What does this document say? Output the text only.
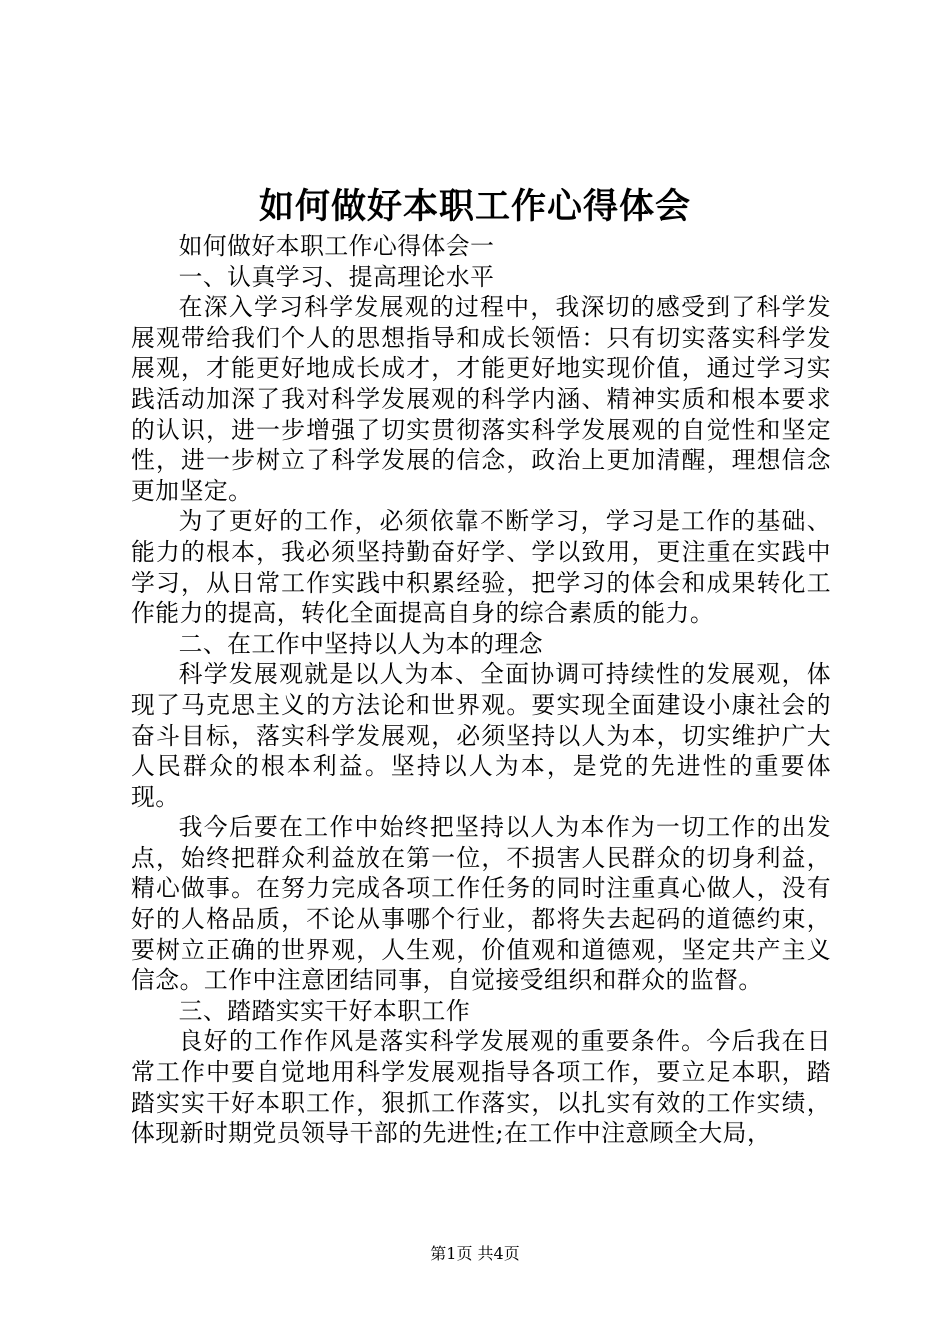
如何做好本职工作心得体会

如何做好本职工作心得体会一

一、认真学习、提高理论水平

在深入学习科学发展观的过程中，我深切的感受到了科学发展观带给我们个人的思想指导和成长领悟：只有切实落实科学发展观，才能更好地成长成才，才能更好地实现价值，通过学习实践活动加深了我对科学发展观的科学内涵、精神实质和根本要求的认识，进一步增强了切实贯彻落实科学发展观的自觉性和坚定性，进一步树立了科学发展的信念，政治上更加清醒，理想信念更加坚定。

为了更好的工作，必须依靠不断学习，学习是工作的基础、能力的根本，我必须坚持勤奋好学、学以致用，更注重在实践中学习，从日常工作实践中积累经验，把学习的体会和成果转化工作能力的提高，转化全面提高自身的综合素质的能力。

二、在工作中坚持以人为本的理念

科学发展观就是以人为本、全面协调可持续性的发展观，体现了马克思主义的方法论和世界观。要实现全面建设小康社会的奋斗目标，落实科学发展观，必须坚持以人为本，切实维护广大人民群众的根本利益。坚持以人为本，是党的先进性的重要体现。

我今后要在工作中始终把坚持以人为本作为一切工作的出发点，始终把群众利益放在第一位，不损害人民群众的切身利益，精心做事。在努力完成各项工作任务的同时注重真心做人，没有好的人格品质，不论从事哪个行业，都将失去起码的道德约束，要树立正确的世界观，人生观，价值观和道德观，坚定共产主义信念。工作中注意团结同事，自觉接受组织和群众的监督。

三、踏踏实实干好本职工作

良好的工作作风是落实科学发展观的重要条件。今后我在日常工作中要自觉地用科学发展观指导各项工作，要立足本职，踏踏实实干好本职工作，狠抓工作落实，以扎实有效的工作实绩，体现新时期党员领导干部的先进性;在工作中注意顾全大局，

第1页 共4页
